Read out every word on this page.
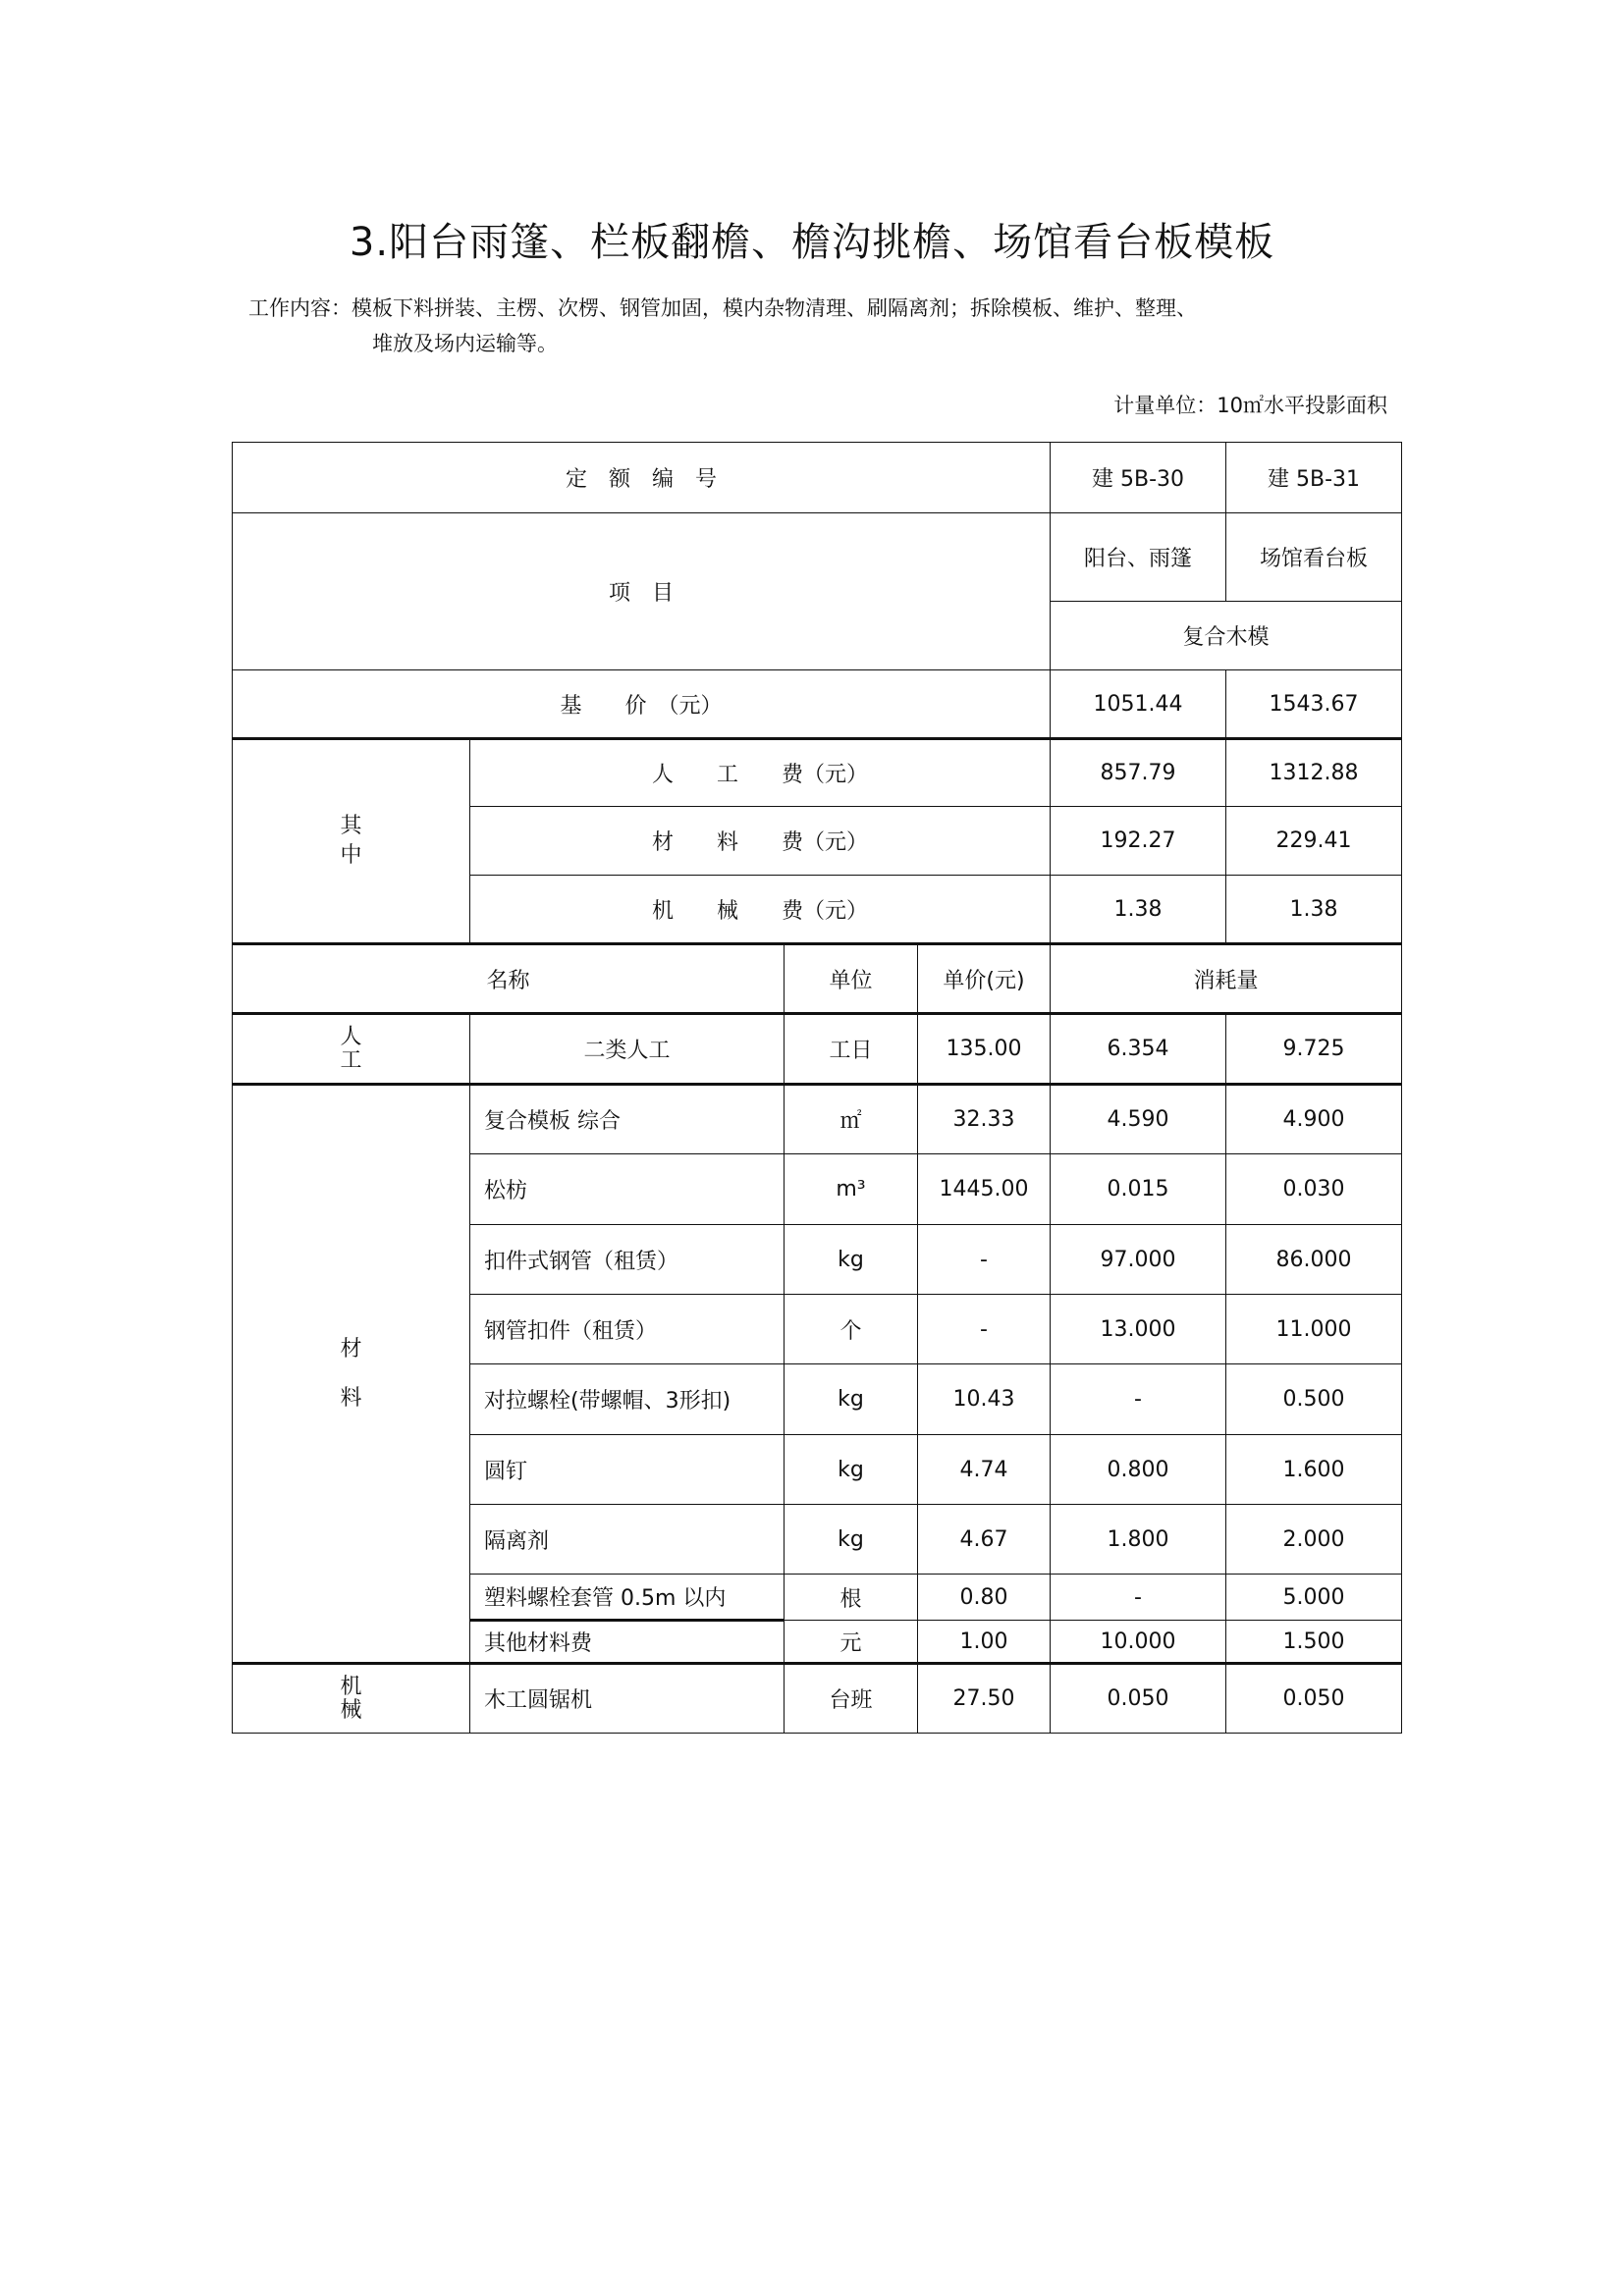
3.阳台雨篷、栏板翻檐、檐沟挑檐、场馆看台板模板
工作内容：模板下料拼装、主楞、次楞、钢管加固，模内杂物清理、刷隔离剂；拆除模板、维护、整理、
堆放及场内运输等。
计量单位：10㎡水平投影面积
定　额　编　号				建 5B-30	建 5B-31
项　目				阳台、雨篷	场馆看台板
				复合木模	
基　　价　（元）				1051.44	1543.67

其中	人　　工　　费（元）			857.79	1312.88
	材　　料　　费（元）			192.27	229.41
	机　　械　　费（元）			1.38	1.38
名称		单位	单价(元)	消耗量	

人工	二类人工	工日	135.00	6.354	9.725

材料	复合模板 综合	㎡	32.33	4.590	4.900
	松枋	m³	1445.00	0.015	0.030
	扣件式钢管（租赁）	kg	-	97.000	86.000
	钢管扣件（租赁）	个	-	13.000	11.000
	对拉螺栓(带螺帽、3形扣)	kg	10.43	-	0.500
	圆钉	kg	4.74	0.800	1.600
	隔离剂	kg	4.67	1.800	2.000
	塑料螺栓套管 0.5m 以内	根	0.80	-	5.000
	其他材料费	元	1.00	10.000	1.500

机械	木工圆锯机	台班	27.50	0.050	0.050
